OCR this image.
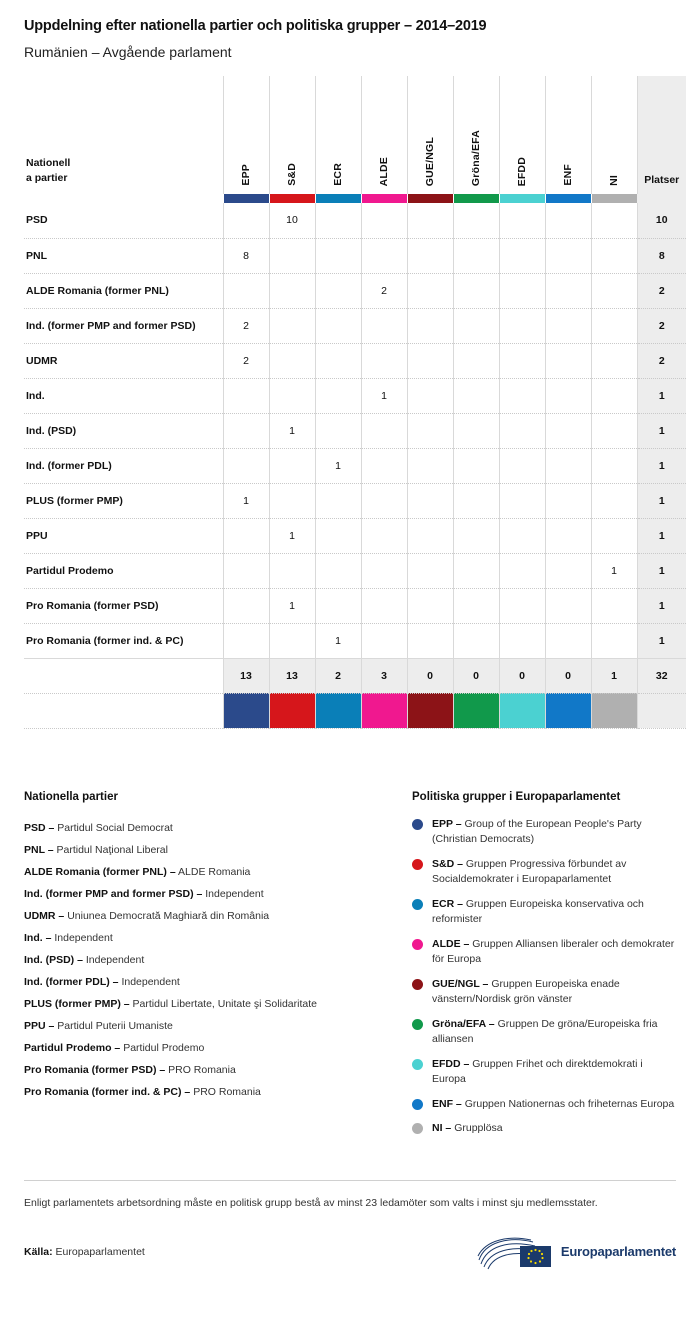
Uppdelning efter nationella partier och politiska grupper – 2014–2019
Rumänien – Avgående parlament
Nationell
a partier	EPP	S&D	ECR	ALDE	GUE/NGL	Gröna/EFA	EFDD	ENF	NI	Platser

PSD		10								10
PNL	8									8
ALDE Romania (former PNL)				2						2
Ind. (former PMP and former PSD)	2									2
UDMR	2									2
Ind.				1						1
Ind. (PSD)		1								1
Ind. (former PDL)			1							1
PLUS (former PMP)	1									1
PPU		1								1
Partidul Prodemo									1	1
Pro Romania (former PSD)		1								1
Pro Romania (former ind. & PC)			1							1
	13	13	2	3	0	0	0	0	1	32

Nationella partier
PSD – Partidul Social Democrat
PNL – Partidul Naţional Liberal
ALDE Romania (former PNL) – ALDE Romania
Ind. (former PMP and former PSD) – Independent
UDMR – Uniunea Democrată Maghiară din România
Ind. – Independent
Ind. (PSD) – Independent
Ind. (former PDL) – Independent
PLUS (former PMP) – Partidul Libertate, Unitate şi Solidaritate
PPU – Partidul Puterii Umaniste
Partidul Prodemo – Partidul Prodemo
Pro Romania (former PSD) – PRO Romania
Pro Romania (former ind. & PC) – PRO Romania
Politiska grupper i Europaparlamentet
EPP – Group of the European People's Party (Christian Democrats)
S&D – Gruppen Progressiva förbundet av Socialdemokrater i Europaparlamentet
ECR – Gruppen Europeiska konservativa och reformister
ALDE – Gruppen Alliansen liberaler och demokrater för Europa
GUE/NGL – Gruppen Europeiska enade vänstern/Nordisk grön vänster
Gröna/EFA – Gruppen De gröna/Europeiska fria alliansen
EFDD – Gruppen Frihet och direktdemokrati i Europa
ENF – Gruppen Nationernas och friheternas Europa
NI – Grupplösa
Enligt parlamentets arbetsordning måste en politisk grupp bestå av minst 23 ledamöter som valts i minst sju medlemsstater.
Källa: Europaparlamentet	Europaparlamentet
